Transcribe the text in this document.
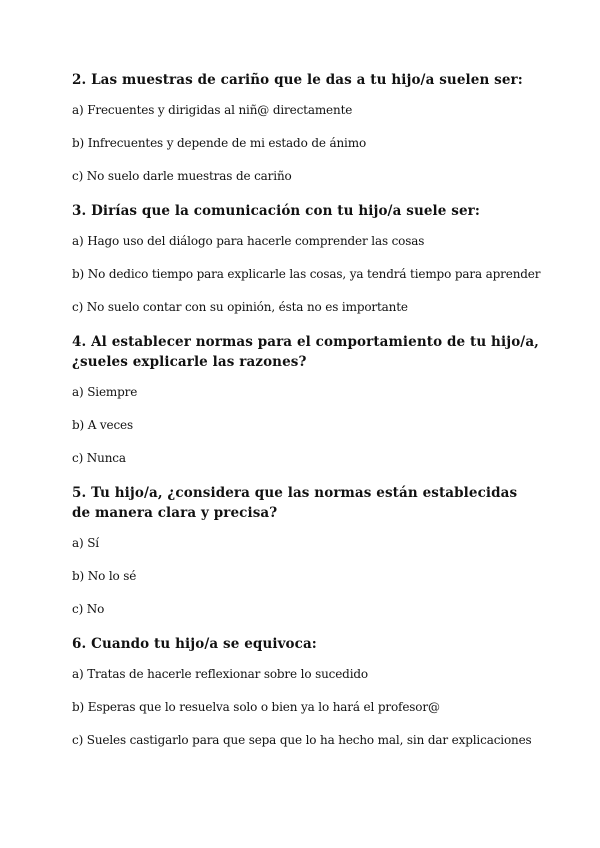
2. Las muestras de cariño que le das a tu hijo/a suelen ser:

a) Frecuentes y dirigidas al niñ@ directamente

b) Infrecuentes y depende de mi estado de ánimo

c) No suelo darle muestras de cariño

3. Dirías que la comunicación con tu hijo/a suele ser:

a) Hago uso del diálogo para hacerle comprender las cosas

b) No dedico tiempo para explicarle las cosas, ya tendrá tiempo para aprender

c) No suelo contar con su opinión, ésta no es importante

4. Al establecer normas para el comportamiento de tu hijo/a, ¿sueles explicarle las razones?

a) Siempre

b) A veces

c) Nunca

5. Tu hijo/a, ¿considera que las normas están establecidas de manera clara y precisa?

a) Sí

b) No lo sé

c) No

6. Cuando tu hijo/a se equivoca:

a) Tratas de hacerle reflexionar sobre lo sucedido

b) Esperas que lo resuelva solo o bien ya lo hará el profesor@

c) Sueles castigarlo para que sepa que lo ha hecho mal, sin dar explicaciones
